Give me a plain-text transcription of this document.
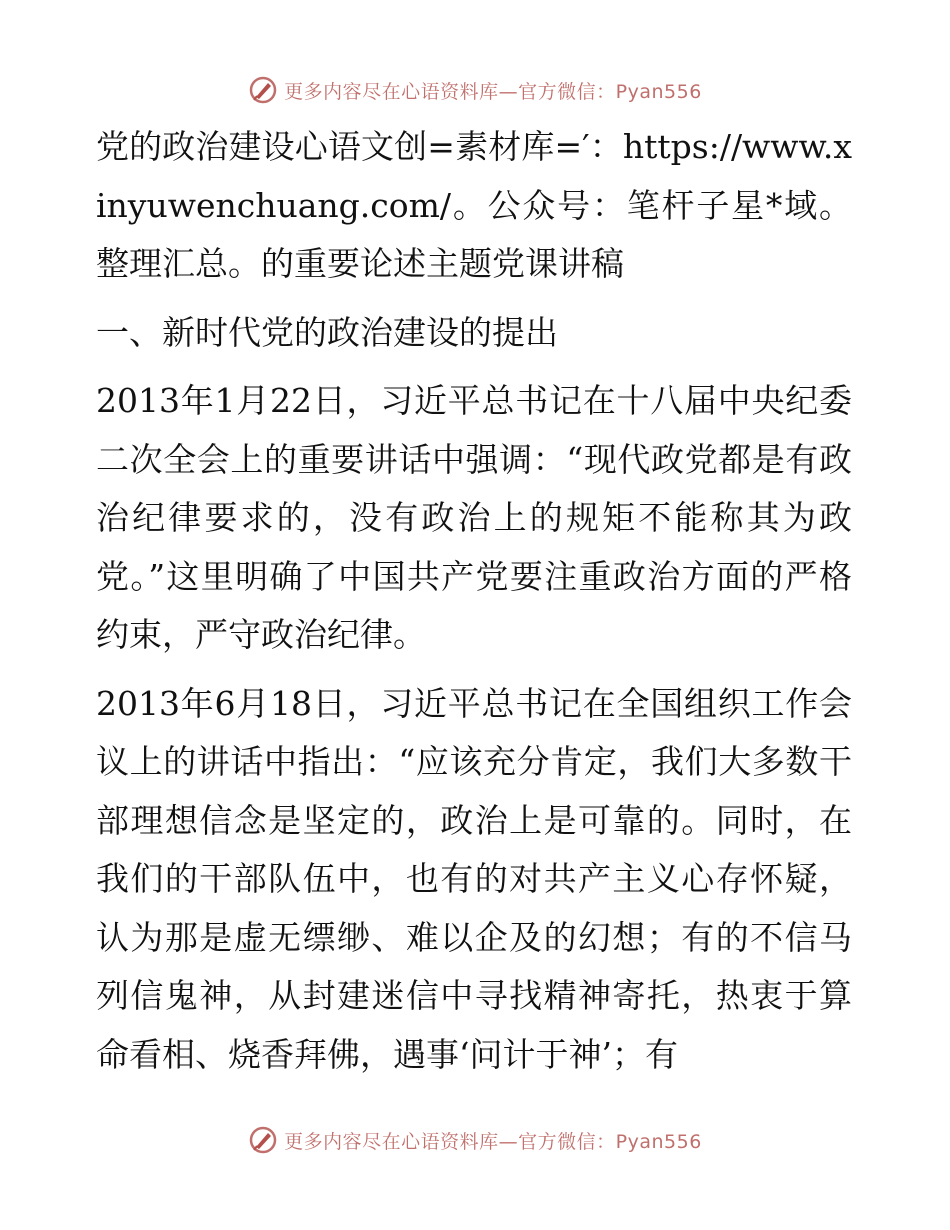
更多内容尽在心语资料库—官方微信：Pyan556

党的政治建设心语文创=素材库=′：https://www.xinyuwenchuang.com/。公众号：笔杆子星*域。整理汇总。的重要论述主题党课讲稿

一、新时代党的政治建设的提出

2013年1月22日，习近平总书记在十八届中央纪委二次全会上的重要讲话中强调：“现代政党都是有政治纪律要求的，没有政治上的规矩不能称其为政党。”这里明确了中国共产党要注重政治方面的严格约束，严守政治纪律。

2013年6月18日，习近平总书记在全国组织工作会议上的讲话中指出：“应该充分肯定，我们大多数干部理想信念是坚定的，政治上是可靠的。同时，在我们的干部队伍中，也有的对共产主义心存怀疑，认为那是虚无缥缈、难以企及的幻想；有的不信马列信鬼神，从封建迷信中寻找精神寄托，热衷于算命看相、烧香拜佛，遇事‘问计于神’；有

更多内容尽在心语资料库—官方微信：Pyan556
